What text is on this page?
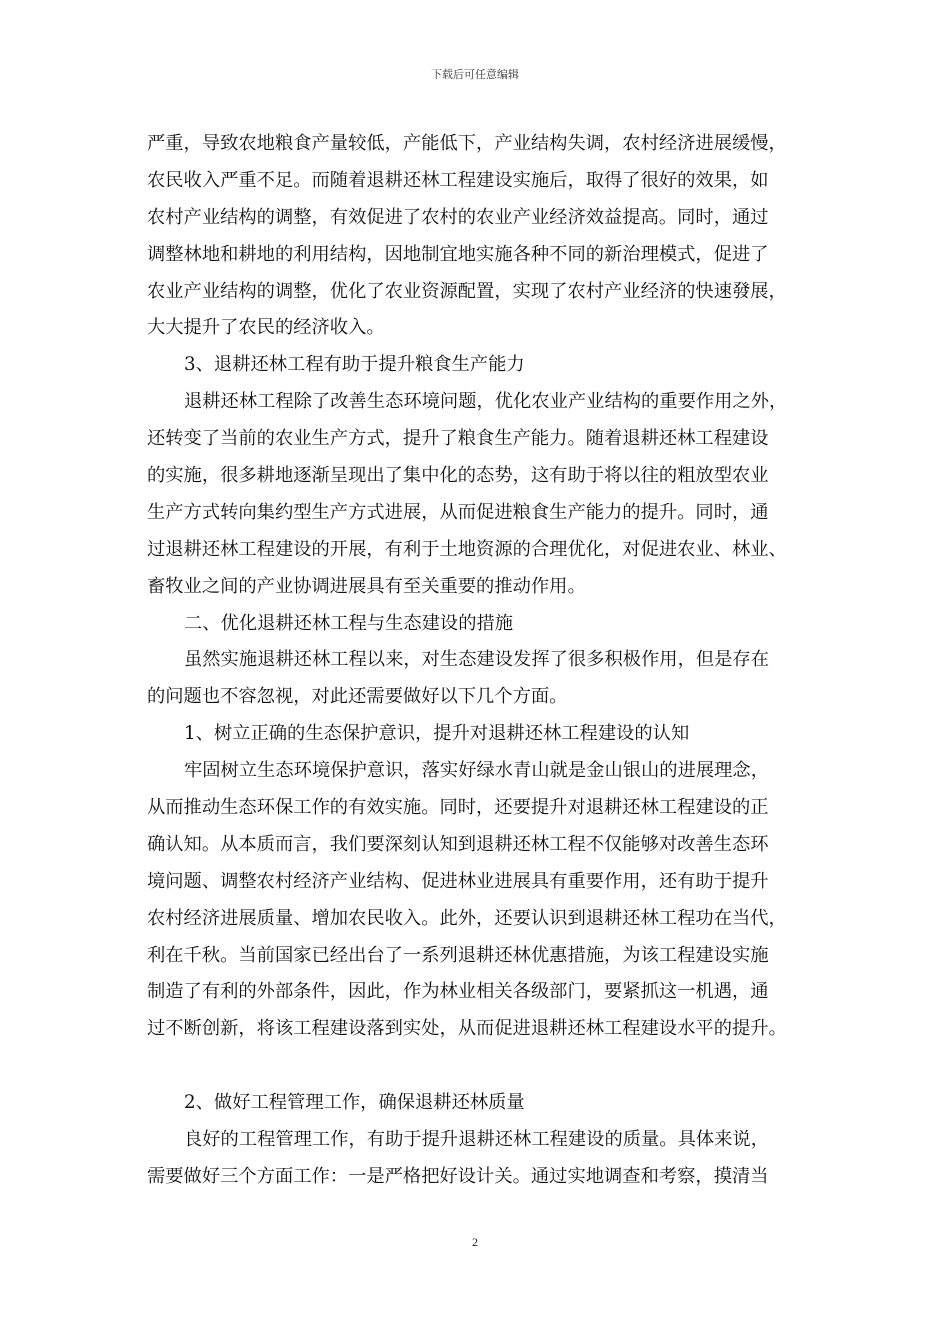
下载后可任意编辑
严重，导致农地粮食产量较低，产能低下，产业结构失调，农村经济进展缓慢，
农民收入严重不足。而随着退耕还林工程建设实施后，取得了很好的效果，如
农村产业结构的调整，有效促进了农村的农业产业经济效益提高。同时，通过
调整林地和耕地的利用结构，因地制宜地实施各种不同的新治理模式，促进了
农业产业结构的调整，优化了农业资源配置，实现了农村产业经济的快速發展，
大大提升了农民的经济收入。
3、退耕还林工程有助于提升粮食生产能力
退耕还林工程除了改善生态环境问题，优化农业产业结构的重要作用之外，
还转变了当前的农业生产方式，提升了粮食生产能力。随着退耕还林工程建设
的实施，很多耕地逐渐呈现出了集中化的态势，这有助于将以往的粗放型农业
生产方式转向集约型生产方式进展，从而促进粮食生产能力的提升。同时，通
过退耕还林工程建设的开展，有利于土地资源的合理优化，对促进农业、林业、
畜牧业之间的产业协调进展具有至关重要的推动作用。
二、优化退耕还林工程与生态建设的措施
虽然实施退耕还林工程以来，对生态建设发挥了很多积极作用，但是存在
的问题也不容忽视，对此还需要做好以下几个方面。
1、树立正确的生态保护意识，提升对退耕还林工程建设的认知
牢固树立生态环境保护意识，落实好绿水青山就是金山银山的进展理念，
从而推动生态环保工作的有效实施。同时，还要提升对退耕还林工程建设的正
确认知。从本质而言，我们要深刻认知到退耕还林工程不仅能够对改善生态环
境问题、调整农村经济产业结构、促进林业进展具有重要作用，还有助于提升
农村经济进展质量、增加农民收入。此外，还要认识到退耕还林工程功在当代，
利在千秋。当前国家已经出台了一系列退耕还林优惠措施，为该工程建设实施
制造了有利的外部条件，因此，作为林业相关各级部门，要紧抓这一机遇，通
过不断创新，将该工程建设落到实处，从而促进退耕还林工程建设水平的提升。
2、做好工程管理工作，确保退耕还林质量
良好的工程管理工作，有助于提升退耕还林工程建设的质量。具体来说，
需要做好三个方面工作：一是严格把好设计关。通过实地调查和考察，摸清当
2
